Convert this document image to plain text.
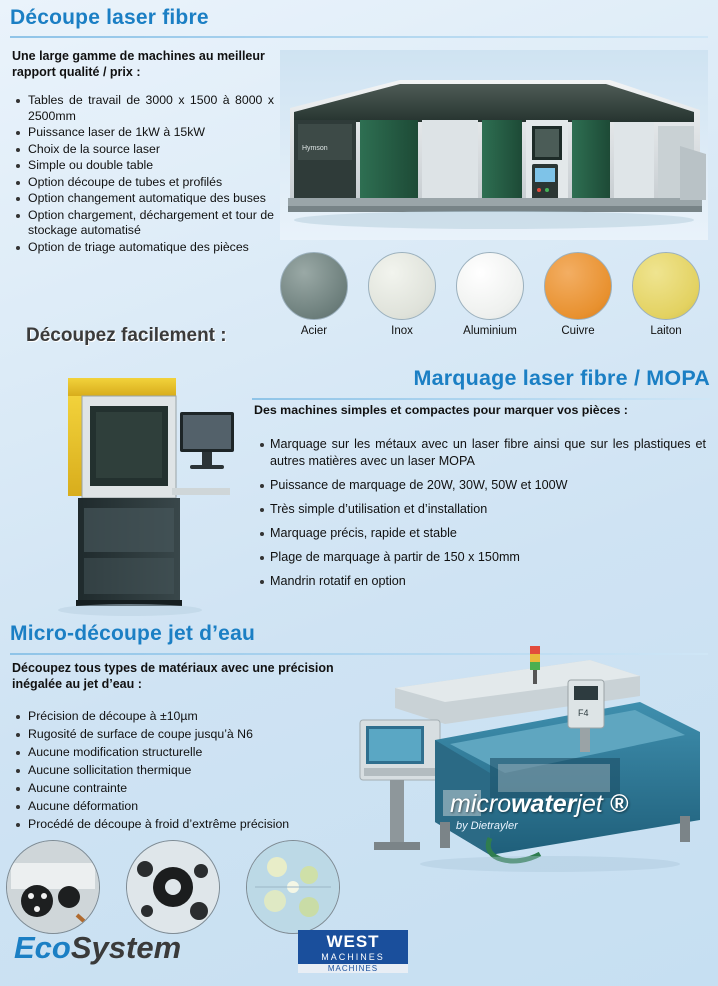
Découpe laser fibre
Une large gamme de machines au meilleur rapport qualité / prix :
Tables de travail de 3000 x 1500 à 8000 x 2500mm
Puissance laser de 1kW à 15kW
Choix de la source laser
Simple ou double table
Option découpe de tubes et profilés
Option changement automatique des buses
Option chargement, déchargement et tour de stockage automatisé
Option de triage automatique des pièces
Hymson
Acier	Inox	Aluminium	Cuivre	Laiton
Découpez facilement :
Marquage laser fibre / MOPA
Des machines simples et compactes pour marquer vos pièces :
Marquage sur les métaux avec un laser fibre ainsi que sur les plastiques et autres matières avec un laser MOPA
Puissance de marquage de 20W, 30W, 50W et 100W
Très simple d’utilisation et d’installation
Marquage précis, rapide et stable
Plage de marquage à partir de 150 x 150mm
Mandrin rotatif en option
Micro-découpe jet d’eau
Découpez tous types de matériaux avec une précision inégalée au jet d’eau :
Précision de découpe à ±10µm
Rugosité de surface de coupe jusqu’à N6
Aucune modification structurelle
Aucune sollicitation thermique
Aucune contrainte
Aucune déformation
Procédé de découpe à froid d’extrême précision
F4
microwaterjet ®
by Dietrayler
EcoSystem	WEST
MACHINES
MACHINES
